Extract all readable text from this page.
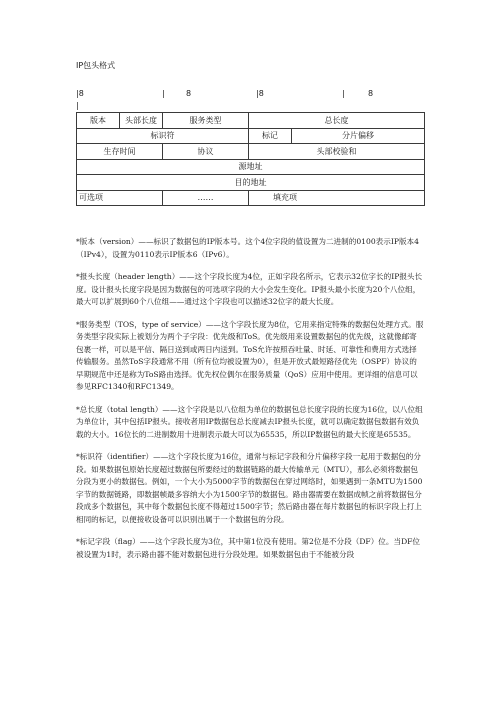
IP包头格式
|8	|	8	|8	|	8
|
版本	头部长度	服务类型	总长度	
标识符			标记	分片偏移
生存时间		协议	头部校验和	
源地址				
目的地址				
可选项		……	填充项	

*版本（version）——标识了数据包的IP版本号。这个4位字段的值设置为二进制的0100表示IP版本4（IPv4），设置为0110表示IP版本6（IPv6）。

*报头长度（header length）——这个字段长度为4位，正如字段名所示，它表示32位字长的IP报头长度。设计报头长度字段是因为数据包的可选项字段的大小会发生变化。IP报头最小长度为20个八位组，最大可以扩展到60个八位组——通过这个字段也可以描述32位字的最大长度。

*服务类型（TOS，type of service）——这个字段长度为8位，它用来指定特殊的数据包处理方式。服务类型字段实际上被划分为两个子字段：优先级和ToS。优先级用来设置数据包的优先级，这就像邮寄包裹一样，可以是平信、隔日送到或两日内送到。ToS允许按照吞吐量、时延、可靠性和费用方式选择传输服务。虽然ToS字段通常不用（所有位均被设置为0），但是开放式最短路径优先（OSPF）协议的早期规范中还是称为ToS路由选择。优先权位偶尔在服务质量（QoS）应用中使用。更详细的信息可以参见RFC1340和RFC1349。

*总长度（total length）——这个字段是以八位组为单位的数据包总长度字段的长度为16位，以八位组为单位计，其中包括IP报头。接收者用IP数据包总长度减去IP报头长度，就可以确定数据包数据有效负载的大小。16位长的二进制数用十进制表示最大可以为65535，所以IP数据包的最大长度是65535。

*标识符（identifier）——这个字段长度为16位，通常与标记字段和分片偏移字段一起用于数据包的分段。如果数据包原始长度超过数据包所要经过的数据链路的最大传输单元（MTU），那么必须将数据包分段为更小的数据包。例如，一个大小为5000字节的数据包在穿过网络时，如果遇到一条MTU为1500字节的数据链路，即数据帧最多容纳大小为1500字节的数据包。路由器需要在数据成帧之前将数据包分段成多个数据包，其中每个数据包长度不得超过1500字节；然后路由器在每片数据包的标识字段上打上相同的标记，以便接收设备可以识别出属于一个数据包的分段。

*标记字段（flag）——这个字段长度为3位，其中第1位没有使用。第2位是不分段（DF）位。当DF位被设置为1时，表示路由器不能对数据包进行分段处理。如果数据包由于不能被分段
